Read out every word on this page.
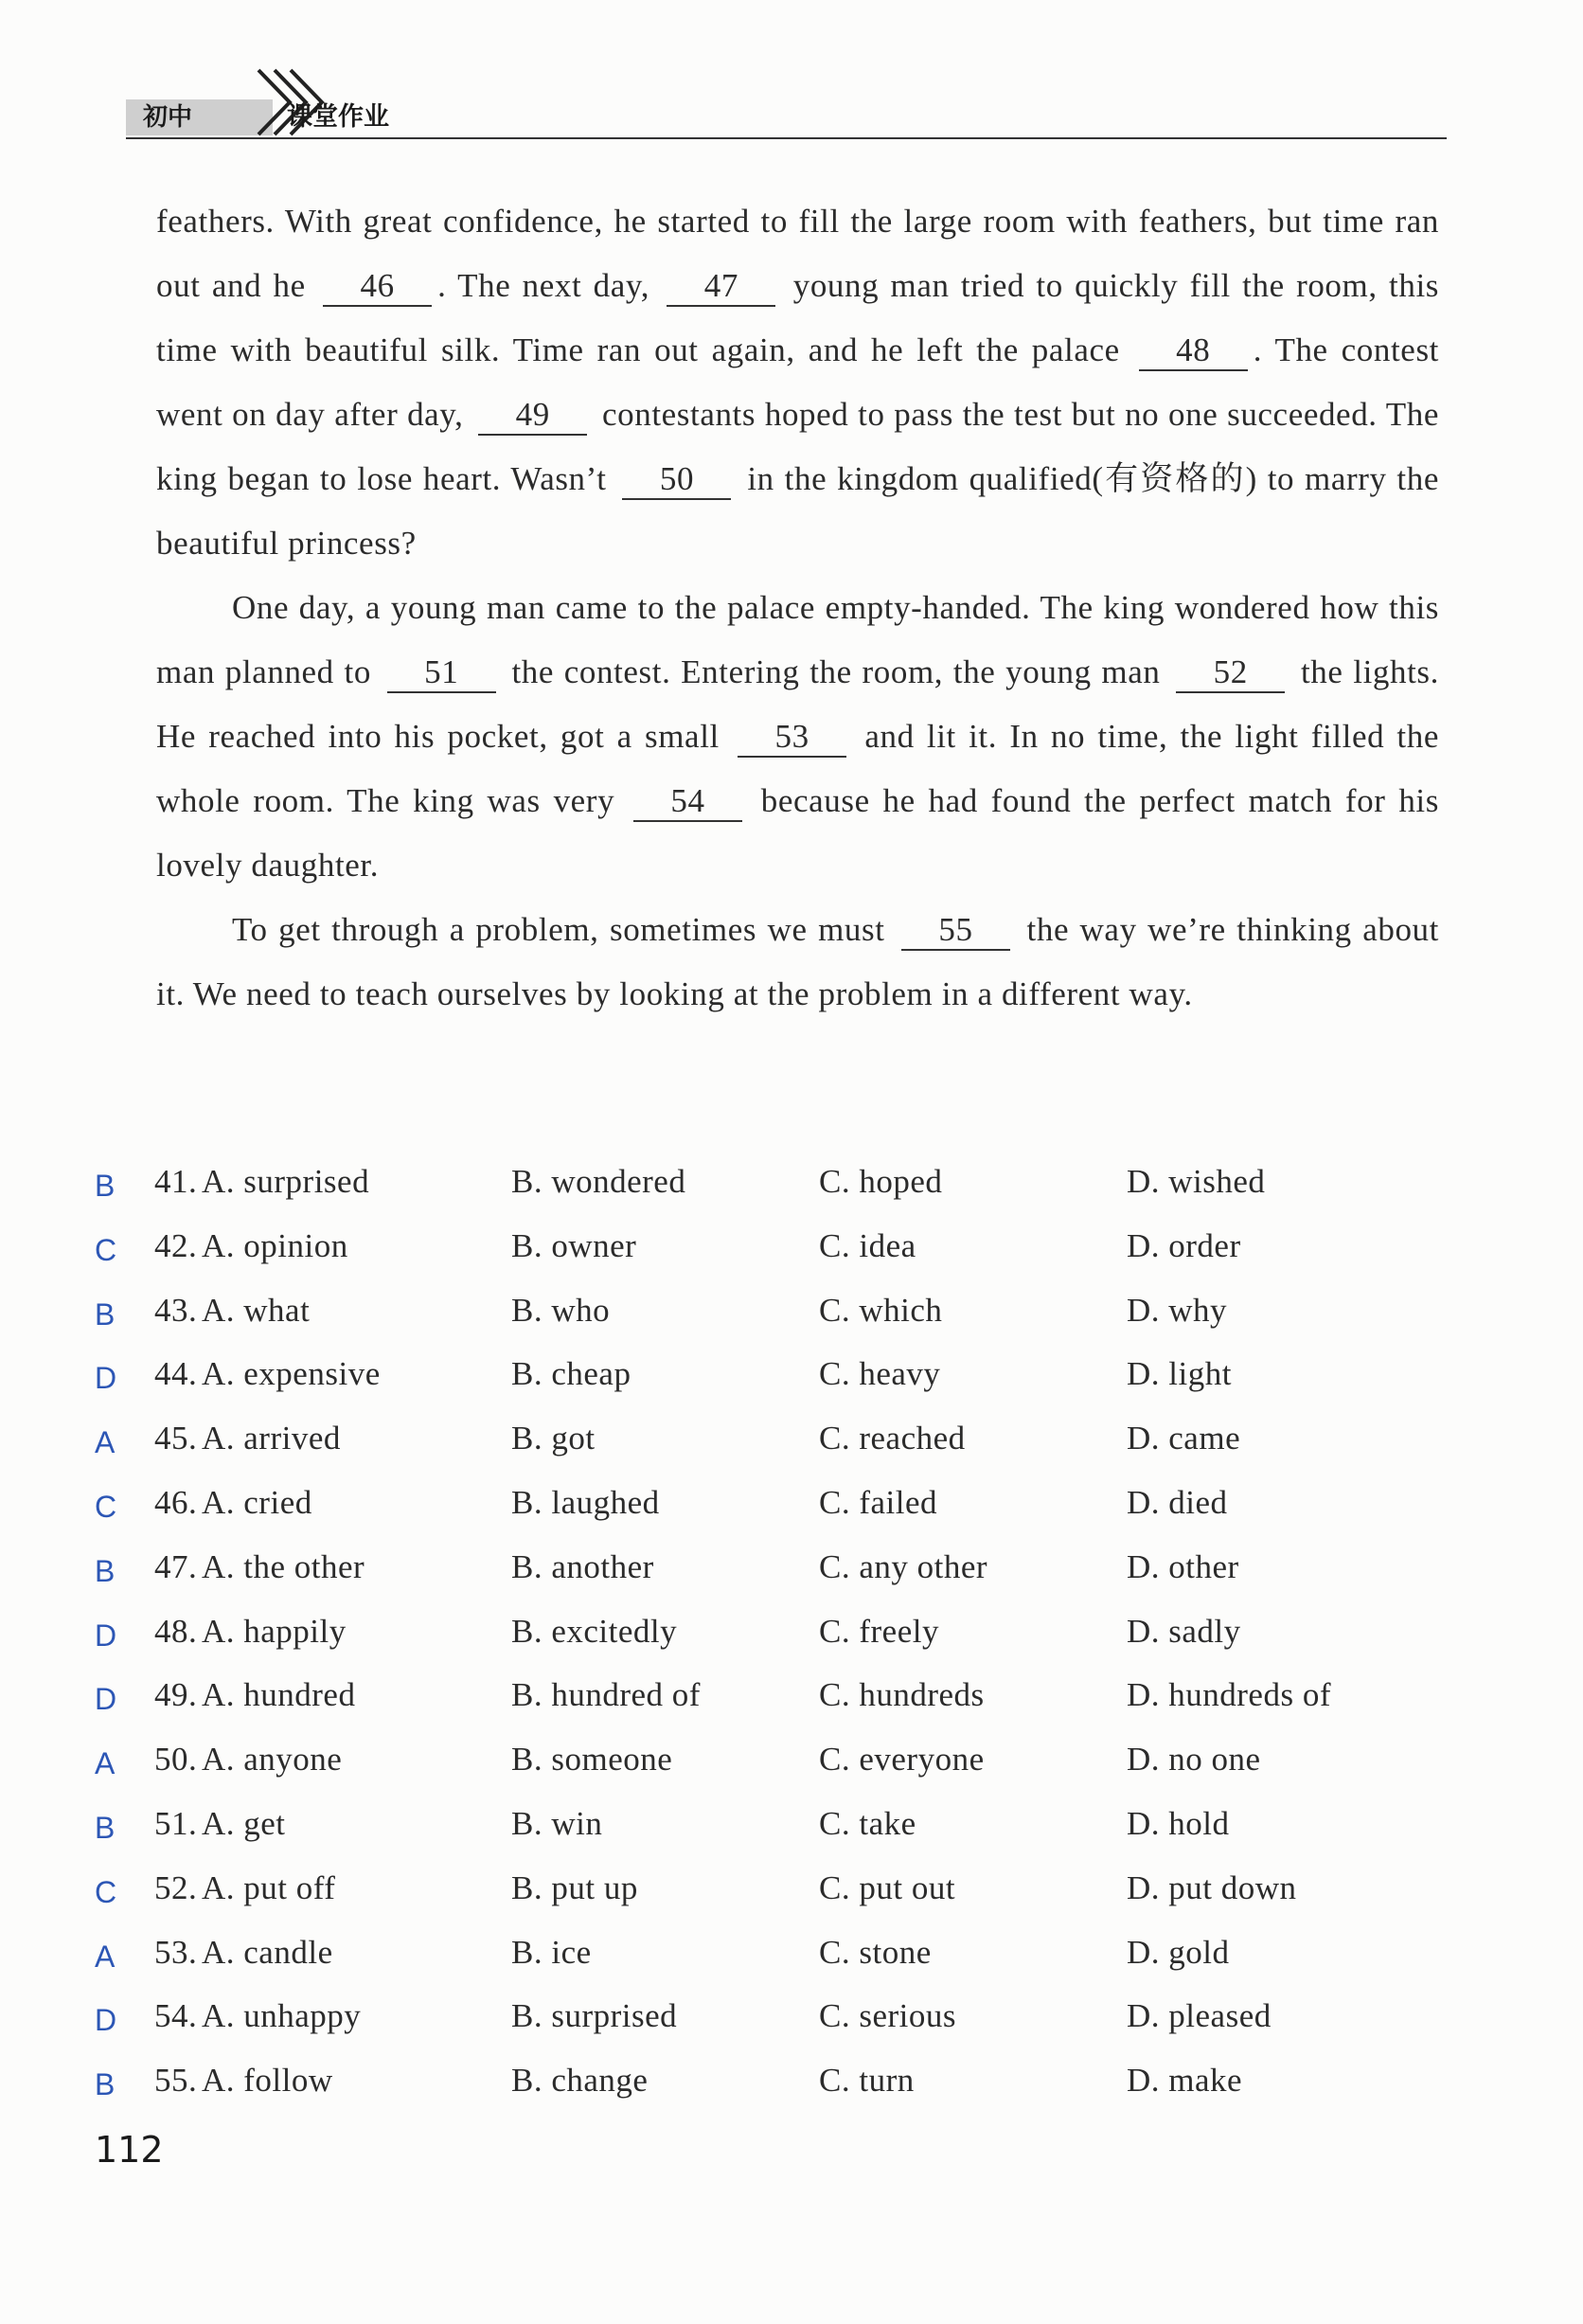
初中	课堂作业

feathers. With great confidence, he started to fill the large room with feathers, but time ran out and he 46 . The next day, 47 young man tried to quickly fill the room, this time with beautiful silk. Time ran out again, and he left the palace 48 . The contest went on day after day, 49 contestants hoped to pass the test but no one succeeded. The king began to lose heart. Wasn’t 50 in the kingdom qualified(有资格的) to marry the beautiful princess?

One day, a young man came to the palace empty-handed. The king wondered how this man planned to 51 the contest. Entering the room, the young man 52 the lights. He reached into his pocket, got a small 53 and lit it. In no time, the light filled the whole room. The king was very 54 because he had found the perfect match for his lovely daughter.

To get through a problem, sometimes we must 55 the way we’re thinking about it. We need to teach ourselves by looking at the problem in a different way.

B 41. A. surprised	B. wondered	C. hoped	D. wished
C 42. A. opinion	B. owner	C. idea	D. order
B 43. A. what	B. who	C. which	D. why
D 44. A. expensive	B. cheap	C. heavy	D. light
A 45. A. arrived	B. got	C. reached	D. came
C 46. A. cried	B. laughed	C. failed	D. died
B 47. A. the other	B. another	C. any other	D. other
D 48. A. happily	B. excitedly	C. freely	D. sadly
D 49. A. hundred	B. hundred of	C. hundreds	D. hundreds of
A 50. A. anyone	B. someone	C. everyone	D. no one
B 51. A. get	B. win	C. take	D. hold
C 52. A. put off	B. put up	C. put out	D. put down
A 53. A. candle	B. ice	C. stone	D. gold
D 54. A. unhappy	B. surprised	C. serious	D. pleased
B 55. A. follow	B. change	C. turn	D. make
112
